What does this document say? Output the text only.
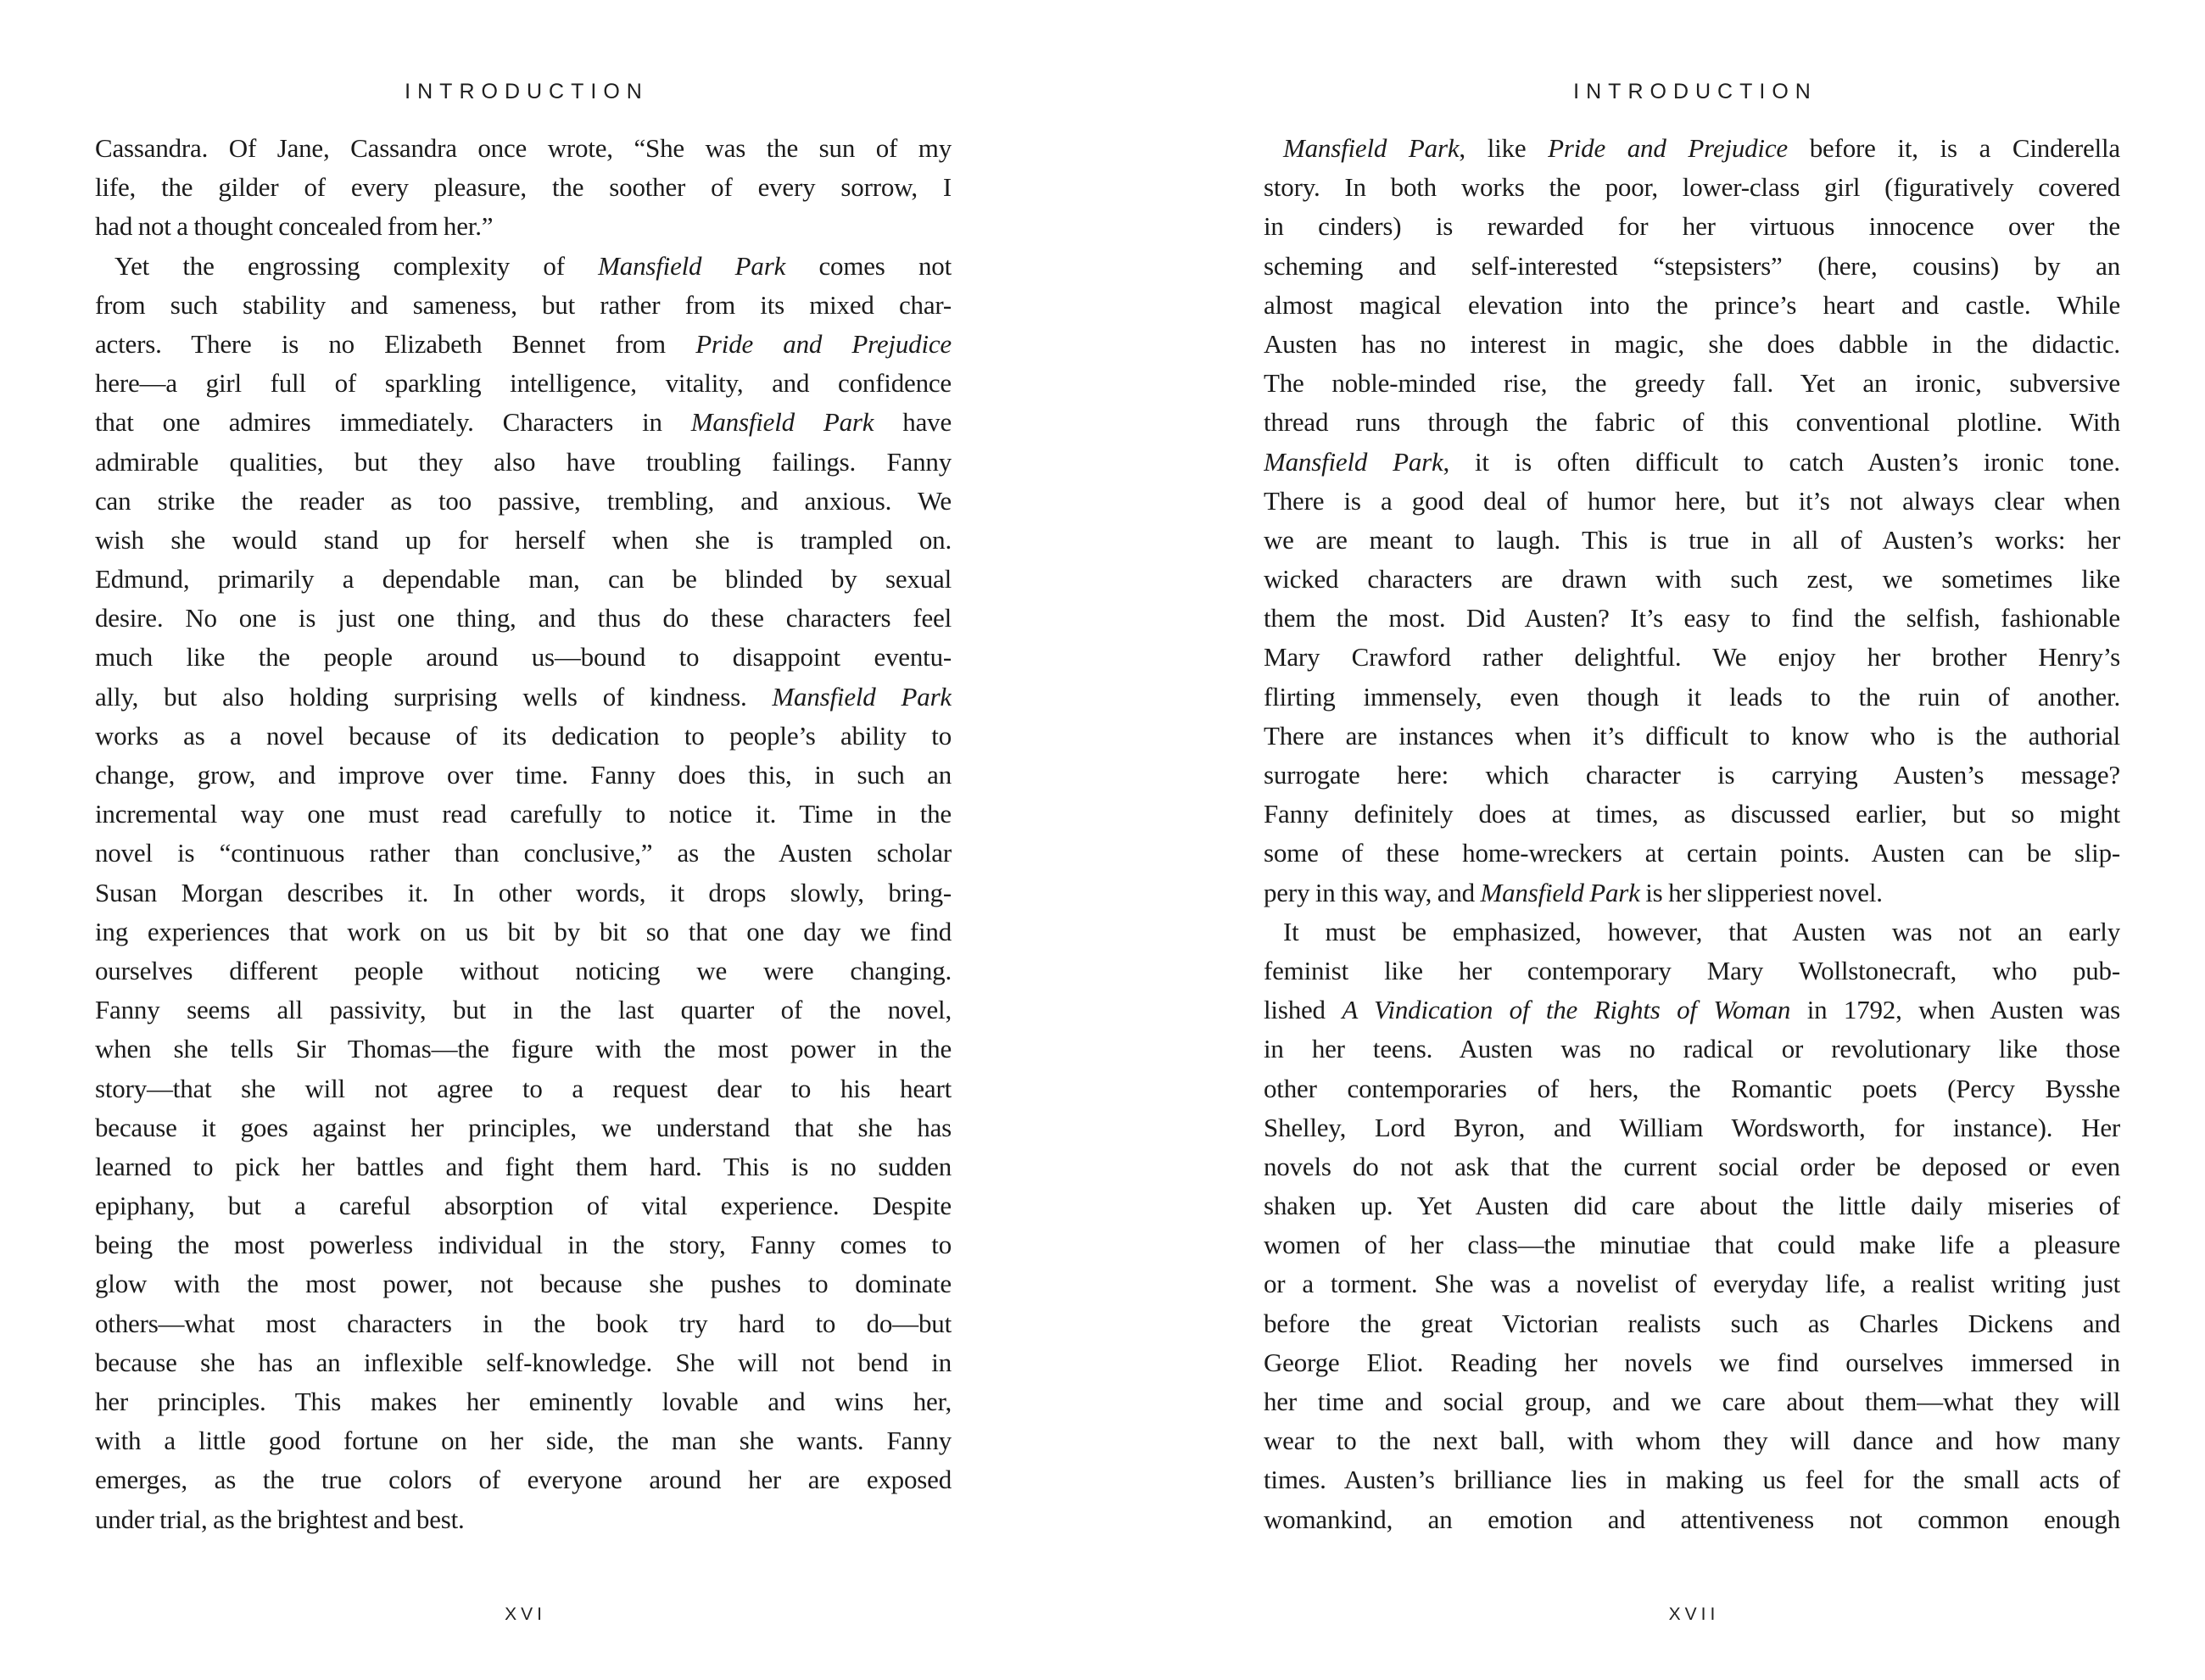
INTRODUCTION
Cassandra. Of Jane, Cassandra once wrote, “She was the sun of my
life, the gilder of every pleasure, the soother of every sorrow, I
had not a thought concealed from her.”
Yet the engrossing complexity of Mansfield Park comes not
from such stability and sameness, but rather from its mixed char-
acters. There is no Elizabeth Bennet from Pride and Prejudice
here—a girl full of sparkling intelligence, vitality, and confidence
that one admires immediately. Characters in Mansfield Park have
admirable qualities, but they also have troubling failings. Fanny
can strike the reader as too passive, trembling, and anxious. We
wish she would stand up for herself when she is trampled on.
Edmund, primarily a dependable man, can be blinded by sexual
desire. No one is just one thing, and thus do these characters feel
much like the people around us—bound to disappoint eventu-
ally, but also holding surprising wells of kindness. Mansfield Park
works as a novel because of its dedication to people’s ability to
change, grow, and improve over time. Fanny does this, in such an
incremental way one must read carefully to notice it. Time in the
novel is “continuous rather than conclusive,” as the Austen scholar
Susan Morgan describes it. In other words, it drops slowly, bring-
ing experiences that work on us bit by bit so that one day we find
ourselves different people without noticing we were changing.
Fanny seems all passivity, but in the last quarter of the novel,
when she tells Sir Thomas—the figure with the most power in the
story—that she will not agree to a request dear to his heart
because it goes against her principles, we understand that she has
learned to pick her battles and fight them hard. This is no sudden
epiphany, but a careful absorption of vital experience. Despite
being the most powerless individual in the story, Fanny comes to
glow with the most power, not because she pushes to dominate
others—what most characters in the book try hard to do—but
because she has an inflexible self-knowledge. She will not bend in
her principles. This makes her eminently lovable and wins her,
with a little good fortune on her side, the man she wants. Fanny
emerges, as the true colors of everyone around her are exposed
under trial, as the brightest and best.
XVI
INTRODUCTION
Mansfield Park, like Pride and Prejudice before it, is a Cinderella
story. In both works the poor, lower-class girl (figuratively covered
in cinders) is rewarded for her virtuous innocence over the
scheming and self-interested “stepsisters” (here, cousins) by an
almost magical elevation into the prince’s heart and castle. While
Austen has no interest in magic, she does dabble in the didactic.
The noble-minded rise, the greedy fall. Yet an ironic, subversive
thread runs through the fabric of this conventional plotline. With
Mansfield Park, it is often difficult to catch Austen’s ironic tone.
There is a good deal of humor here, but it’s not always clear when
we are meant to laugh. This is true in all of Austen’s works: her
wicked characters are drawn with such zest, we sometimes like
them the most. Did Austen? It’s easy to find the selfish, fashionable
Mary Crawford rather delightful. We enjoy her brother Henry’s
flirting immensely, even though it leads to the ruin of another.
There are instances when it’s difficult to know who is the authorial
surrogate here: which character is carrying Austen’s message?
Fanny definitely does at times, as discussed earlier, but so might
some of these home-wreckers at certain points. Austen can be slip-
pery in this way, and Mansfield Park is her slipperiest novel.
It must be emphasized, however, that Austen was not an early
feminist like her contemporary Mary Wollstonecraft, who pub-
lished A Vindication of the Rights of Woman in 1792, when Austen was
in her teens. Austen was no radical or revolutionary like those
other contemporaries of hers, the Romantic poets (Percy Bysshe
Shelley, Lord Byron, and William Wordsworth, for instance). Her
novels do not ask that the current social order be deposed or even
shaken up. Yet Austen did care about the little daily miseries of
women of her class—the minutiae that could make life a pleasure
or a torment. She was a novelist of everyday life, a realist writing just
before the great Victorian realists such as Charles Dickens and
George Eliot. Reading her novels we find ourselves immersed in
her time and social group, and we care about them—what they will
wear to the next ball, with whom they will dance and how many
times. Austen’s brilliance lies in making us feel for the small acts of
womankind, an emotion and attentiveness not common enough
XVII
